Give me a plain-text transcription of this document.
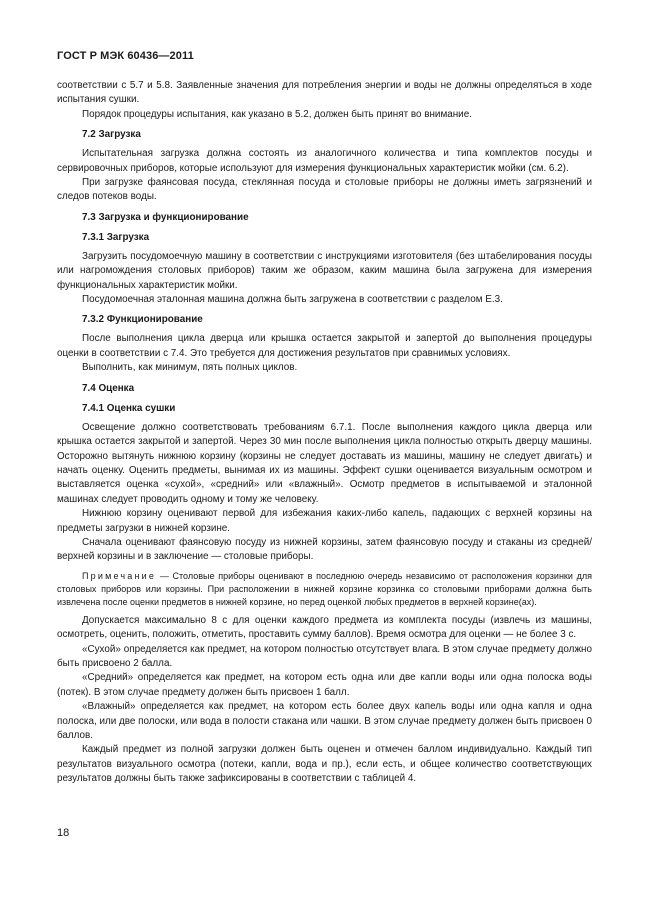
ГОСТ Р МЭК 60436—2011

соответствии с 5.7 и 5.8. Заявленные значения для потребления энергии и воды не должны определяться в ходе испытания сушки.

Порядок процедуры испытания, как указано в 5.2, должен быть принят во внимание.

7.2 Загрузка

Испытательная загрузка должна состоять из аналогичного количества и типа комплектов посуды и сервировочных приборов, которые используют для измерения функциональных характеристик мойки (см. 6.2).

При загрузке фаянсовая посуда, стеклянная посуда и столовые приборы не должны иметь загрязнений и следов потеков воды.

7.3 Загрузка и функционирование
7.3.1 Загрузка

Загрузить посудомоечную машину в соответствии с инструкциями изготовителя (без штабелирования посуды или нагромождения столовых приборов) таким же образом, каким машина была загружена для измерения функциональных характеристик мойки.

Посудомоечная эталонная машина должна быть загружена в соответствии с разделом Е.3.

7.3.2 Функционирование

После выполнения цикла дверца или крышка остается закрытой и запертой до выполнения процедуры оценки в соответствии с 7.4. Это требуется для достижения результатов при сравнимых условиях.

Выполнить, как минимум, пять полных циклов.

7.4 Оценка
7.4.1 Оценка сушки

Освещение должно соответствовать требованиям 6.7.1. После выполнения каждого цикла дверца или крышка остается закрытой и запертой. Через 30 мин после выполнения цикла полностью открыть дверцу машины. Осторожно вытянуть нижнюю корзину (корзины не следует доставать из машины, машину не следует двигать) и начать оценку. Оценить предметы, вынимая их из машины. Эффект сушки оценивается визуальным осмотром и выставляется оценка «сухой», «средний» или «влажный». Осмотр предметов в испытываемой и эталонной машинах следует проводить одному и тому же человеку.

Нижнюю корзину оценивают первой для избежания каких-либо капель, падающих с верхней корзины на предметы загрузки в нижней корзине.

Сначала оценивают фаянсовую посуду из нижней корзины, затем фаянсовую посуду и стаканы из средней/верхней корзины и в заключение — столовые приборы.

Примечание — Столовые приборы оценивают в последнюю очередь независимо от расположения корзинки для столовых приборов или корзины. При расположении в нижней корзине корзинка со столовыми приборами должна быть извлечена после оценки предметов в нижней корзине, но перед оценкой любых предметов в верхней корзине(ах).

Допускается максимально 8 с для оценки каждого предмета из комплекта посуды (извлечь из машины, осмотреть, оценить, положить, отметить, проставить сумму баллов). Время осмотра для оценки — не более 3 с.

«Сухой» определяется как предмет, на котором полностью отсутствует влага. В этом случае предмету должно быть присвоено 2 балла.

«Средний» определяется как предмет, на котором есть одна или две капли воды или одна полоска воды (потек). В этом случае предмету должен быть присвоен 1 балл.

«Влажный» определяется как предмет, на котором есть более двух капель воды или одна капля и одна полоска, или две полоски, или вода в полости стакана или чашки. В этом случае предмету должен быть присвоен 0 баллов.

Каждый предмет из полной загрузки должен быть оценен и отмечен баллом индивидуально. Каждый тип результатов визуального осмотра (потеки, капли, вода и пр.), если есть, и общее количество соответствующих результатов должны быть также зафиксированы в соответствии с таблицей 4.

18
